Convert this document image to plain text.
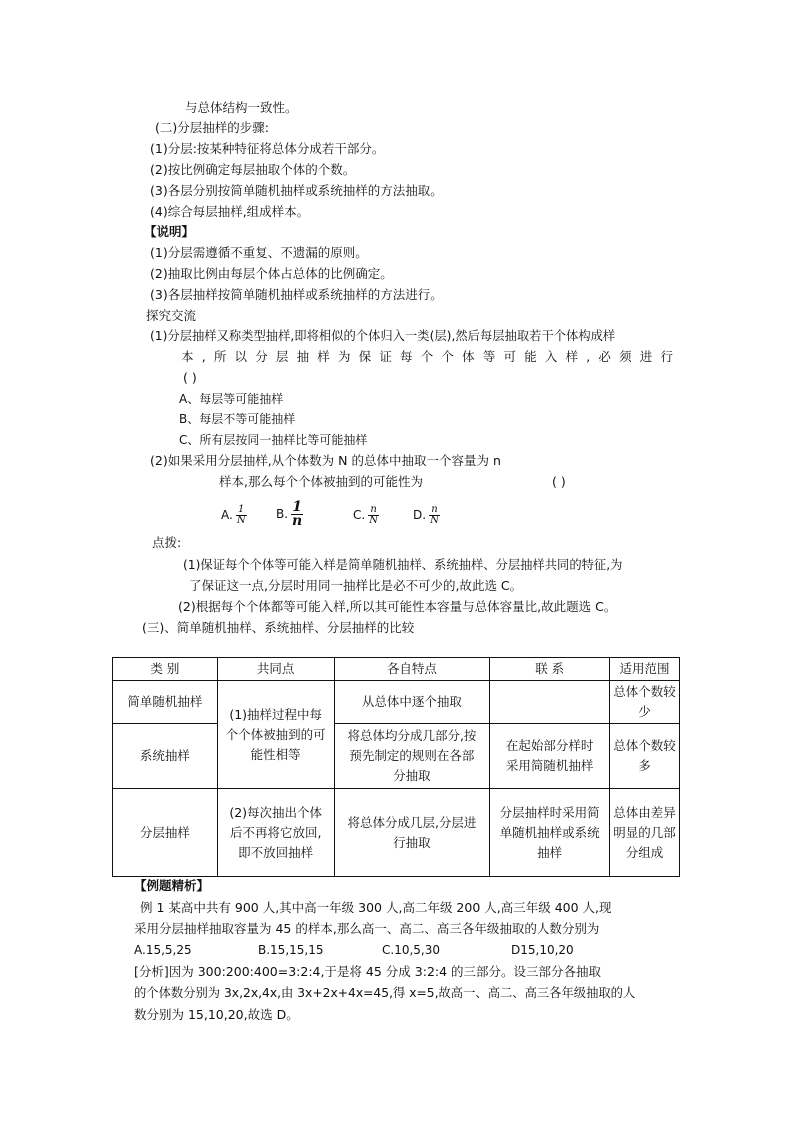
与总体结构一致性。
(二)分层抽样的步骤:
(1)分层:按某种特征将总体分成若干部分。
(2)按比例确定每层抽取个体的个数。
(3)各层分别按简单随机抽样或系统抽样的方法抽取。
(4)综合每层抽样,组成样本。
【说明】
(1)分层需遵循不重复、不遗漏的原则。
(2)抽取比例由每层个体占总体的比例确定。
(3)各层抽样按简单随机抽样或系统抽样的方法进行。
探究交流
(1)分层抽样又称类型抽样,即将相似的个体归入一类(层),然后每层抽取若干个体构成样
本,所以分层抽样为保证每个个体等可能入样,必须进行
( )
A、每层等可能抽样
B、每层不等可能抽样
C、所有层按同一抽样比等可能抽样
(2)如果采用分层抽样,从个体数为 N 的总体中抽取一个容量为 n
样本,那么每个个体被抽到的可能性为	( )
A. $\frac{1}{N} B$. $\frac{1}{n}$	C. $\frac{n}{N}$	D. $\frac{n}{N}$
点拨:
(1)保证每个个体等可能入样是简单随机抽样、系统抽样、分层抽样共同的特征,为
了保证这一点,分层时用同一抽样比是必不可少的,故此选 C。
(2)根据每个个体都等可能入样,所以其可能性本容量与总体容量比,故此题选 C。
(三)、简单随机抽样、系统抽样、分层抽样的比较
类 别	共同点	各自特点	联 系	适用范围
简单随机抽样	(1)抽样过程中每个个体被抽到的可能性相等	从总体中逐个抽取		总体个数较少
系统抽样		将总体均分成几部分,按预先制定的规则在各部分抽取	在起始部分样时采用简随机抽样	总体个数较多
分层抽样	(2)每次抽出个体后不再将它放回,即不放回抽样	将总体分成几层,分层进行抽取	分层抽样时采用简单随机抽样或系统抽样	总体由差异明显的几部分组成
【例题精析】
例 1 某高中共有 900 人,其中高一年级 300 人,高二年级 200 人,高三年级 400 人,现
采用分层抽样抽取容量为 45 的样本,那么高一、高二、高三各年级抽取的人数分别为
A.15,5,25	B.15,15,15	C.10,5,30	D15,10,20
[分析]因为 300:200:400=3:2:4,于是将 45 分成 3:2:4 的三部分。设三部分各抽取
的个体数分别为 3x,2x,4x,由 3x+2x+4x=45,得 x=5,故高一、高二、高三各年级抽取的人
数分别为 15,10,20,故选 D。
